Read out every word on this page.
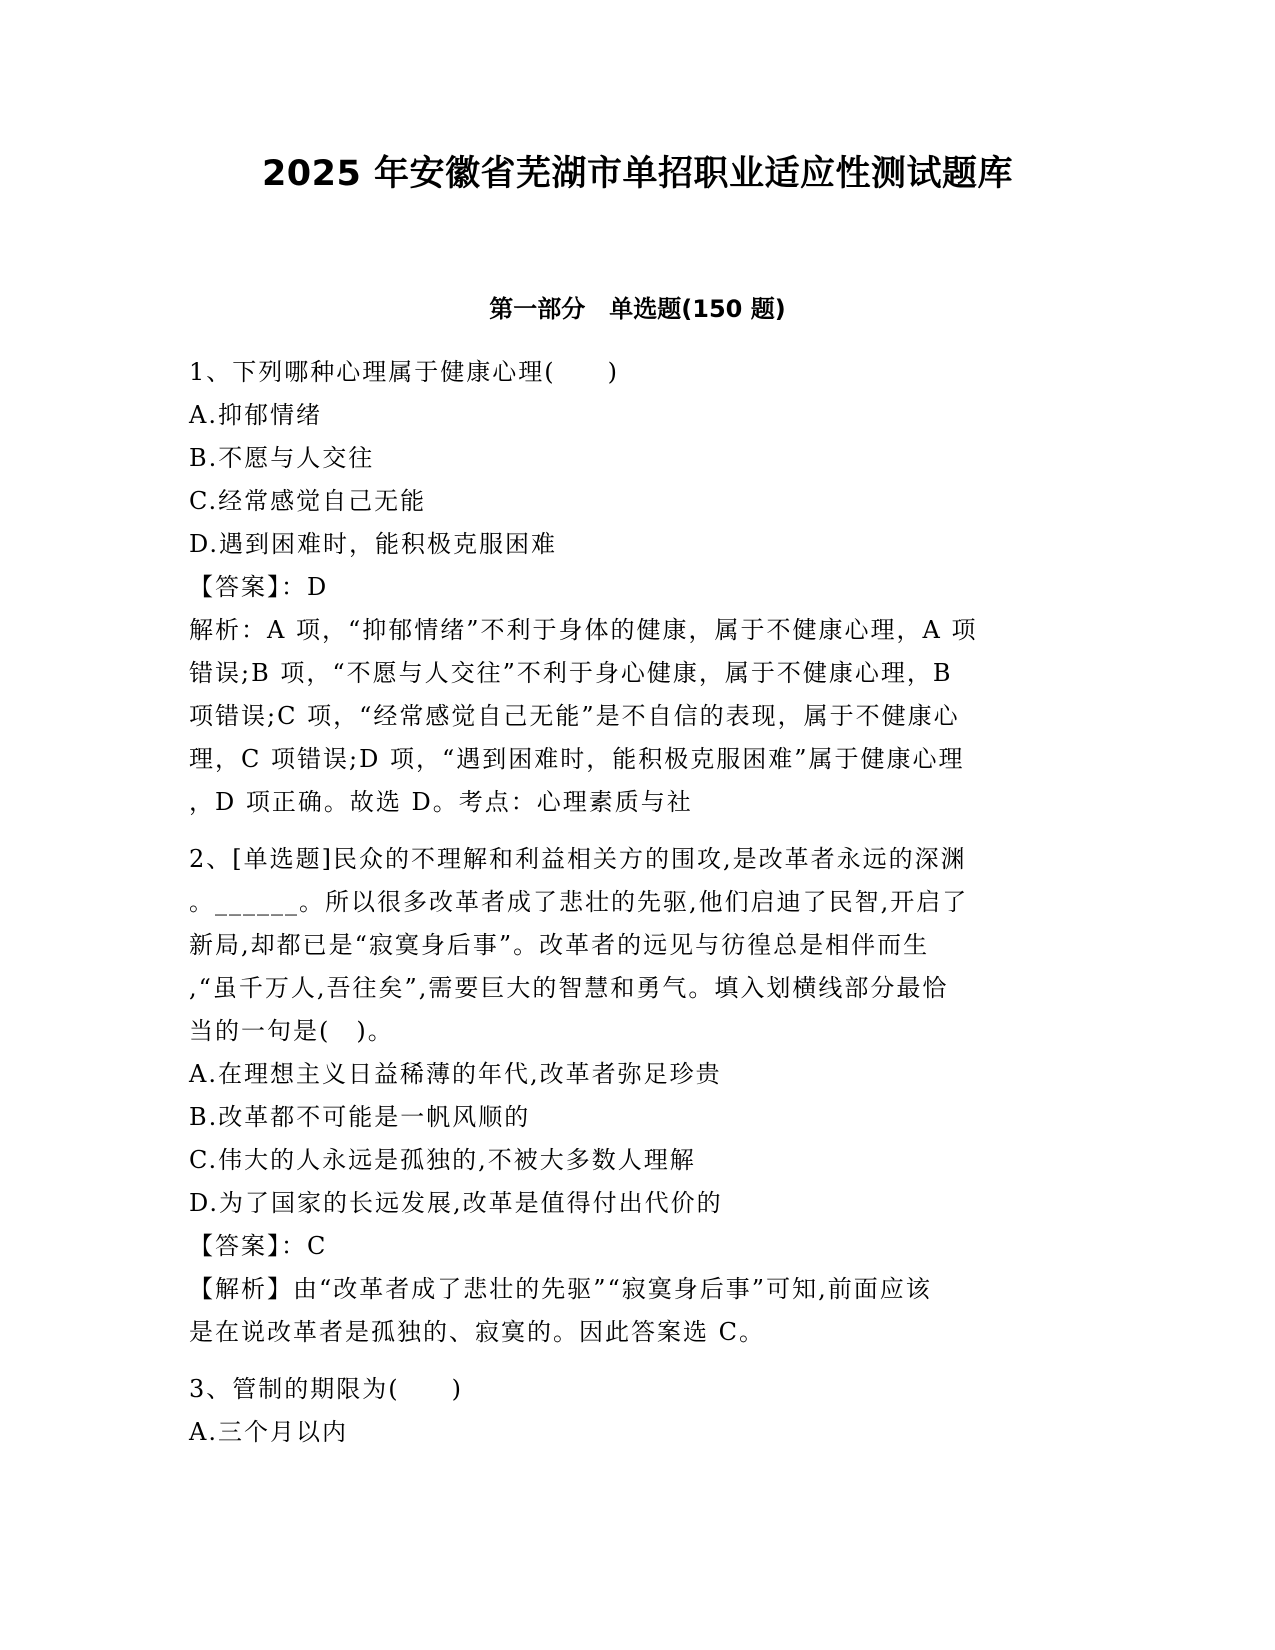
2025 年安徽省芜湖市单招职业适应性测试题库
第一部分　单选题(150 题)
1、下列哪种心理属于健康心理(　　)
A.抑郁情绪
B.不愿与人交往
C.经常感觉自己无能
D.遇到困难时，能积极克服困难
【答案】：D
解析：A 项，“抑郁情绪”不利于身体的健康，属于不健康心理，A 项
错误;B 项，“不愿与人交往”不利于身心健康，属于不健康心理，B
项错误;C 项，“经常感觉自己无能”是不自信的表现，属于不健康心
理，C 项错误;D 项，“遇到困难时，能积极克服困难”属于健康心理
，D 项正确。故选 D。考点：心理素质与社
2、[单选题]民众的不理解和利益相关方的围攻,是改革者永远的深渊
。______。所以很多改革者成了悲壮的先驱,他们启迪了民智,开启了
新局,却都已是“寂寞身后事”。改革者的远见与彷徨总是相伴而生
,“虽千万人,吾往矣”,需要巨大的智慧和勇气。填入划横线部分最恰
当的一句是(　)。
A.在理想主义日益稀薄的年代,改革者弥足珍贵
B.改革都不可能是一帆风顺的
C.伟大的人永远是孤独的,不被大多数人理解
D.为了国家的长远发展,改革是值得付出代价的
【答案】：C
【解析】由“改革者成了悲壮的先驱”“寂寞身后事”可知,前面应该
是在说改革者是孤独的、寂寞的。因此答案选 C。
3、管制的期限为(　　)
A.三个月以内
